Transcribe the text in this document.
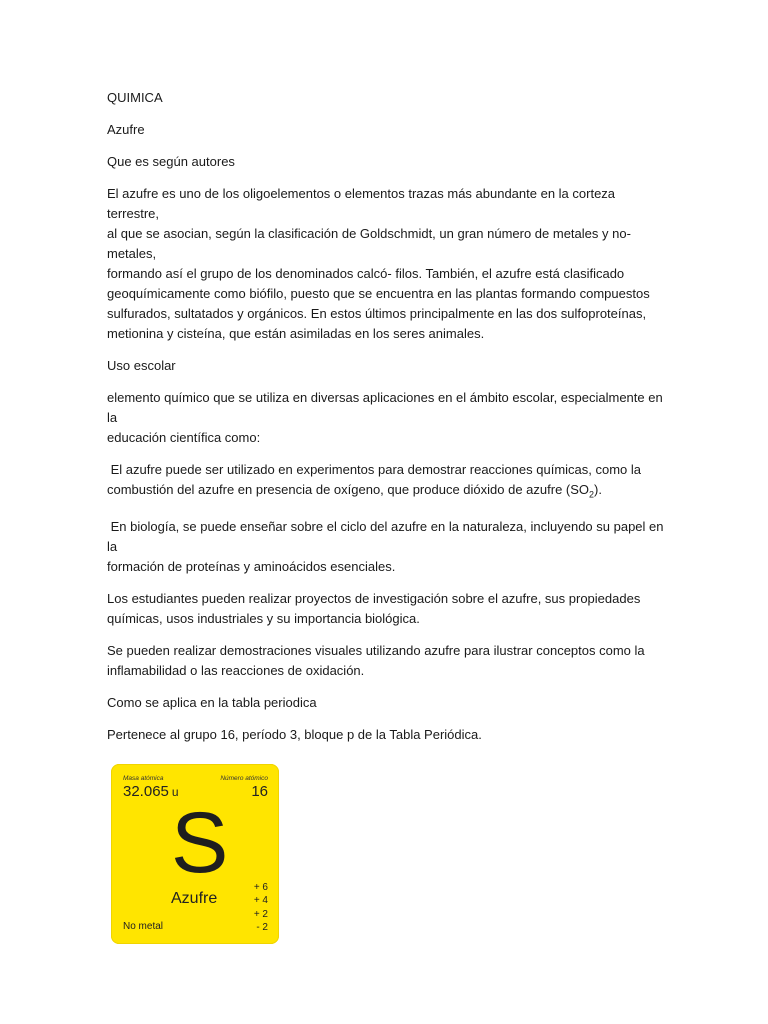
QUIMICA

Azufre

Que es según autores

El azufre es uno de los oligoelementos o elementos trazas más abundante en la corteza terrestre,
al que se asocian, según la clasificación de Goldschmidt, un gran número de metales y no-metales,
formando así el grupo de los denominados calcó- filos. También, el azufre está clasificado
geoquímicamente como biófilo, puesto que se encuentra en las plantas formando compuestos
sulfurados, sultatados y orgánicos. En estos últimos principalmente en las dos sulfoproteínas,
metionina y cisteína, que están asimiladas en los seres animales.

Uso escolar

elemento químico que se utiliza en diversas aplicaciones en el ámbito escolar, especialmente en la
educación científica como:

El azufre puede ser utilizado en experimentos para demostrar reacciones químicas, como la
combustión del azufre en presencia de oxígeno, que produce dióxido de azufre $(SO_2)$.

En biología, se puede enseñar sobre el ciclo del azufre en la naturaleza, incluyendo su papel en la
formación de proteínas y aminoácidos esenciales.

Los estudiantes pueden realizar proyectos de investigación sobre el azufre, sus propiedades
químicas, usos industriales y su importancia biológica.

Se pueden realizar demostraciones visuales utilizando azufre para ilustrar conceptos como la
inflamabilidad o las reacciones de oxidación.

Como se aplica en la tabla periodica

Pertenece al grupo 16, período 3, bloque p de la Tabla Periódica.

Masa atómica	Número atómico
32.065 u	16
S
Azufre
+ 6
+ 4
+ 2
- 2
No metal
